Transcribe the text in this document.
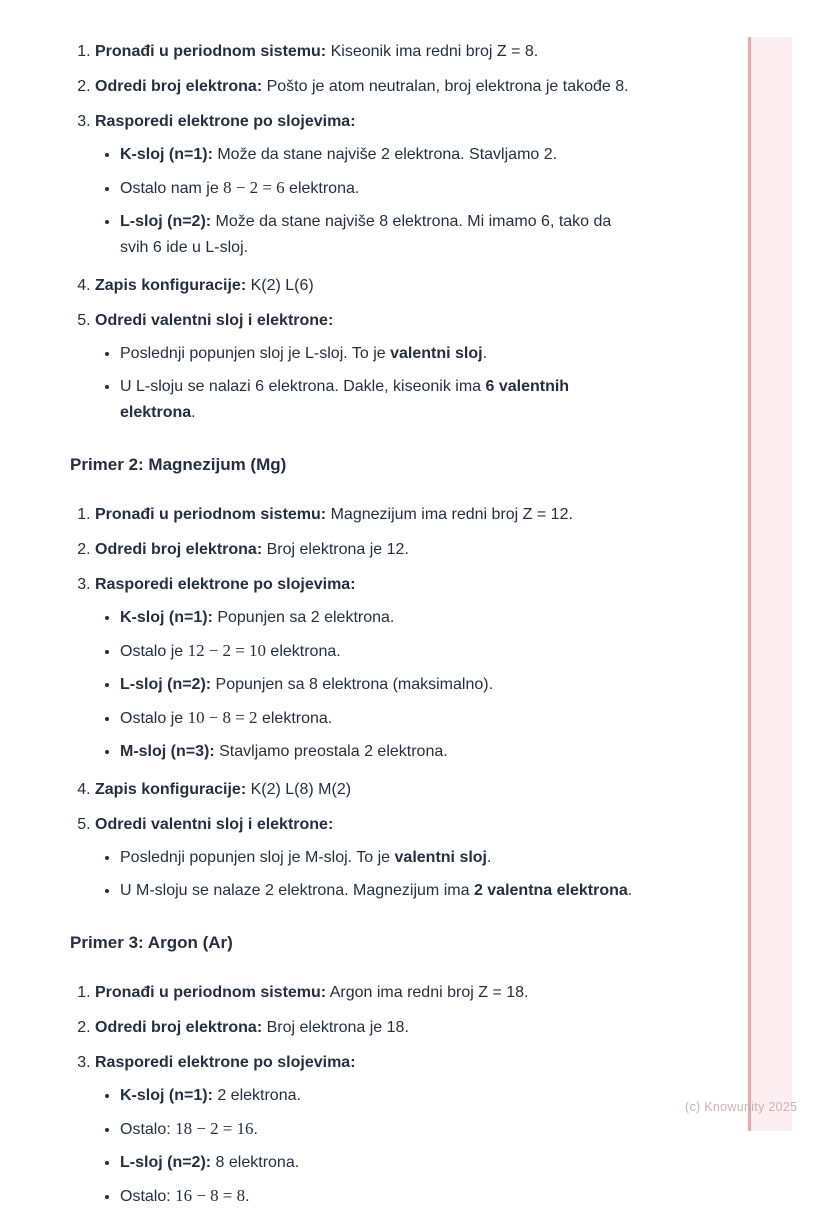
1. Pronađi u periodnom sistemu: Kiseonik ima redni broj Z = 8.
2. Odredi broj elektrona: Pošto je atom neutralan, broj elektrona je takođe 8.
3. Rasporedi elektrone po slojevima:
• K-sloj (n=1): Može da stane najviše 2 elektrona. Stavljamo 2.
• Ostalo nam je 8 − 2 = 6 elektrona.
• L-sloj (n=2): Može da stane najviše 8 elektrona. Mi imamo 6, tako da
svih 6 ide u L-sloj.
4. Zapis konfiguracije: K(2) L(6)
5. Odredi valentni sloj i elektrone:
• Poslednji popunjen sloj je L-sloj. To je valentni sloj.
• U L-sloju se nalazi 6 elektrona. Dakle, kiseonik ima 6 valentnih
elektrona.
Primer 2: Magnezijum (Mg)
1. Pronađi u periodnom sistemu: Magnezijum ima redni broj Z = 12.
2. Odredi broj elektrona: Broj elektrona je 12.
3. Rasporedi elektrone po slojevima:
• K-sloj (n=1): Popunjen sa 2 elektrona.
• Ostalo je 12 − 2 = 10 elektrona.
• L-sloj (n=2): Popunjen sa 8 elektrona (maksimalno).
• Ostalo je 10 − 8 = 2 elektrona.
• M-sloj (n=3): Stavljamo preostala 2 elektrona.
4. Zapis konfiguracije: K(2) L(8) M(2)
5. Odredi valentni sloj i elektrone:
• Poslednji popunjen sloj je M-sloj. To je valentni sloj.
• U M-sloju se nalaze 2 elektrona. Magnezijum ima 2 valentna elektrona.
Primer 3: Argon (Ar)
1. Pronađi u periodnom sistemu: Argon ima redni broj Z = 18.
2. Odredi broj elektrona: Broj elektrona je 18.
3. Rasporedi elektrone po slojevima:
• K-sloj (n=1): 2 elektrona.
• Ostalo: 18 − 2 = 16.
• L-sloj (n=2): 8 elektrona.
• Ostalo: 16 − 8 = 8.
(c) Knowunity 2025
